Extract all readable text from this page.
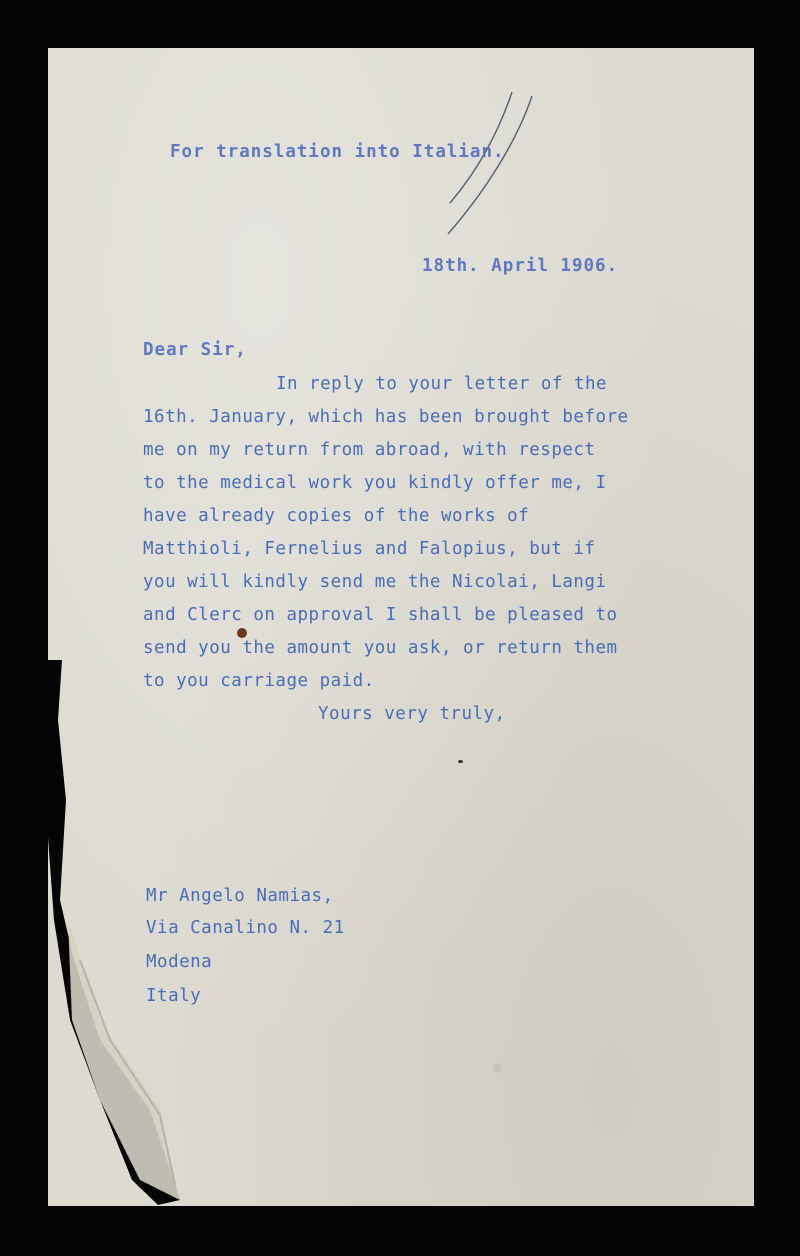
For translation into Italian.
18th. April 1906.
Dear Sir,
In reply to your letter of the
16th. January, which has been brought before
me on my return from abroad, with respect
to the medical work you kindly offer me, I
have already copies of the works of
Matthioli, Fernelius and Falopius, but if
you will kindly send me the Nicolai, Langi
and Clerc on approval I shall be pleased to
send you the amount you ask, or return them
to you carriage paid.
Yours very truly,
Mr Angelo Namias,
Via Canalino N. 21
Modena
Italy
